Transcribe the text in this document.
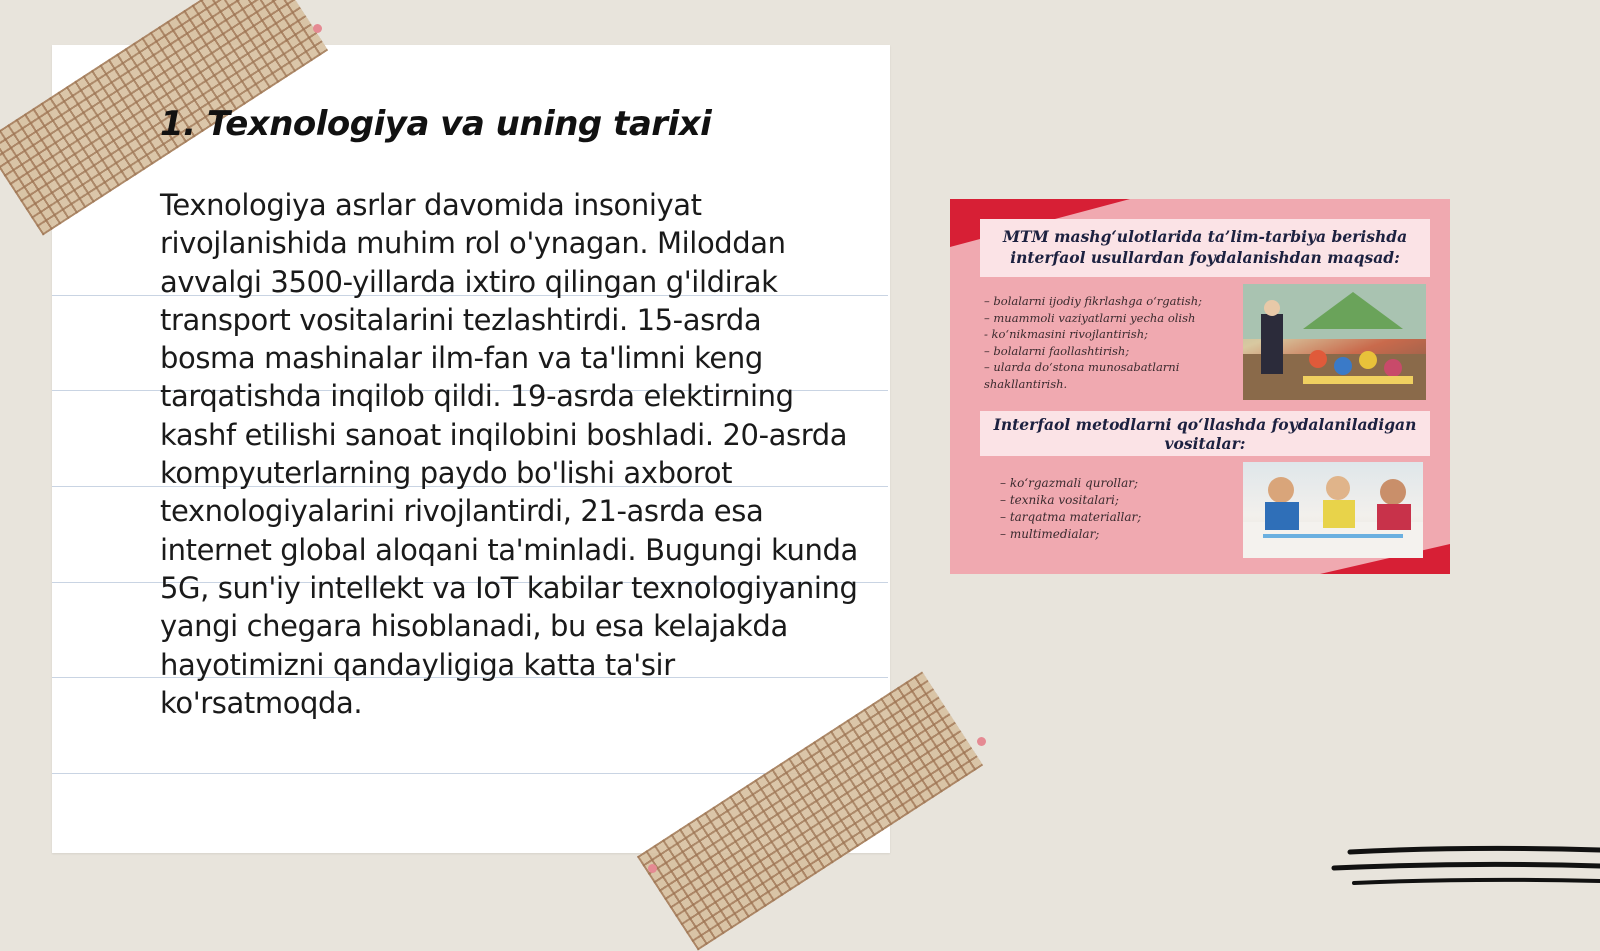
1. Texnologiya va uning tarixi

Texnologiya asrlar davomida insoniyat rivojlanishida muhim rol o'ynagan. Miloddan avvalgi 3500-yillarda ixtiro qilingan g'ildirak transport vositalarini tezlashtirdi. 15-asrda bosma mashinalar ilm-fan va ta'limni keng tarqatishda inqilob qildi. 19-asrda elektirning kashf etilishi sanoat inqilobini boshladi. 20-asrda kompyuterlarning paydo bo'lishi axborot texnologiyalarini rivojlantirdi, 21-asrda esa internet global aloqani ta'minladi. Bugungi kunda 5G, sun'iy intellekt va IoT kabilar texnologiyaning yangi chegara hisoblanadi, bu esa kelajakda hayotimizni qandayligiga katta ta'sir ko'rsatmoqda.

MTM mashg‘ulotlarida ta’lim-tarbiya berishda interfaol usullardan foydalanishdan maqsad:
– bolalarni ijodiy fikrlashga o‘rgatish;
– muammoli vaziyatlarni yecha olish
- ko‘nikmasini rivojlantirish;
– bolalarni faollashtirish;
– ularda do‘stona munosabatlarni
shakllantirish.
Interfaol metodlarni qo‘llashda foydalaniladigan vositalar:
– ko‘rgazmali qurollar;
– texnika vositalari;
– tarqatma materiallar;
– multimedialar;
